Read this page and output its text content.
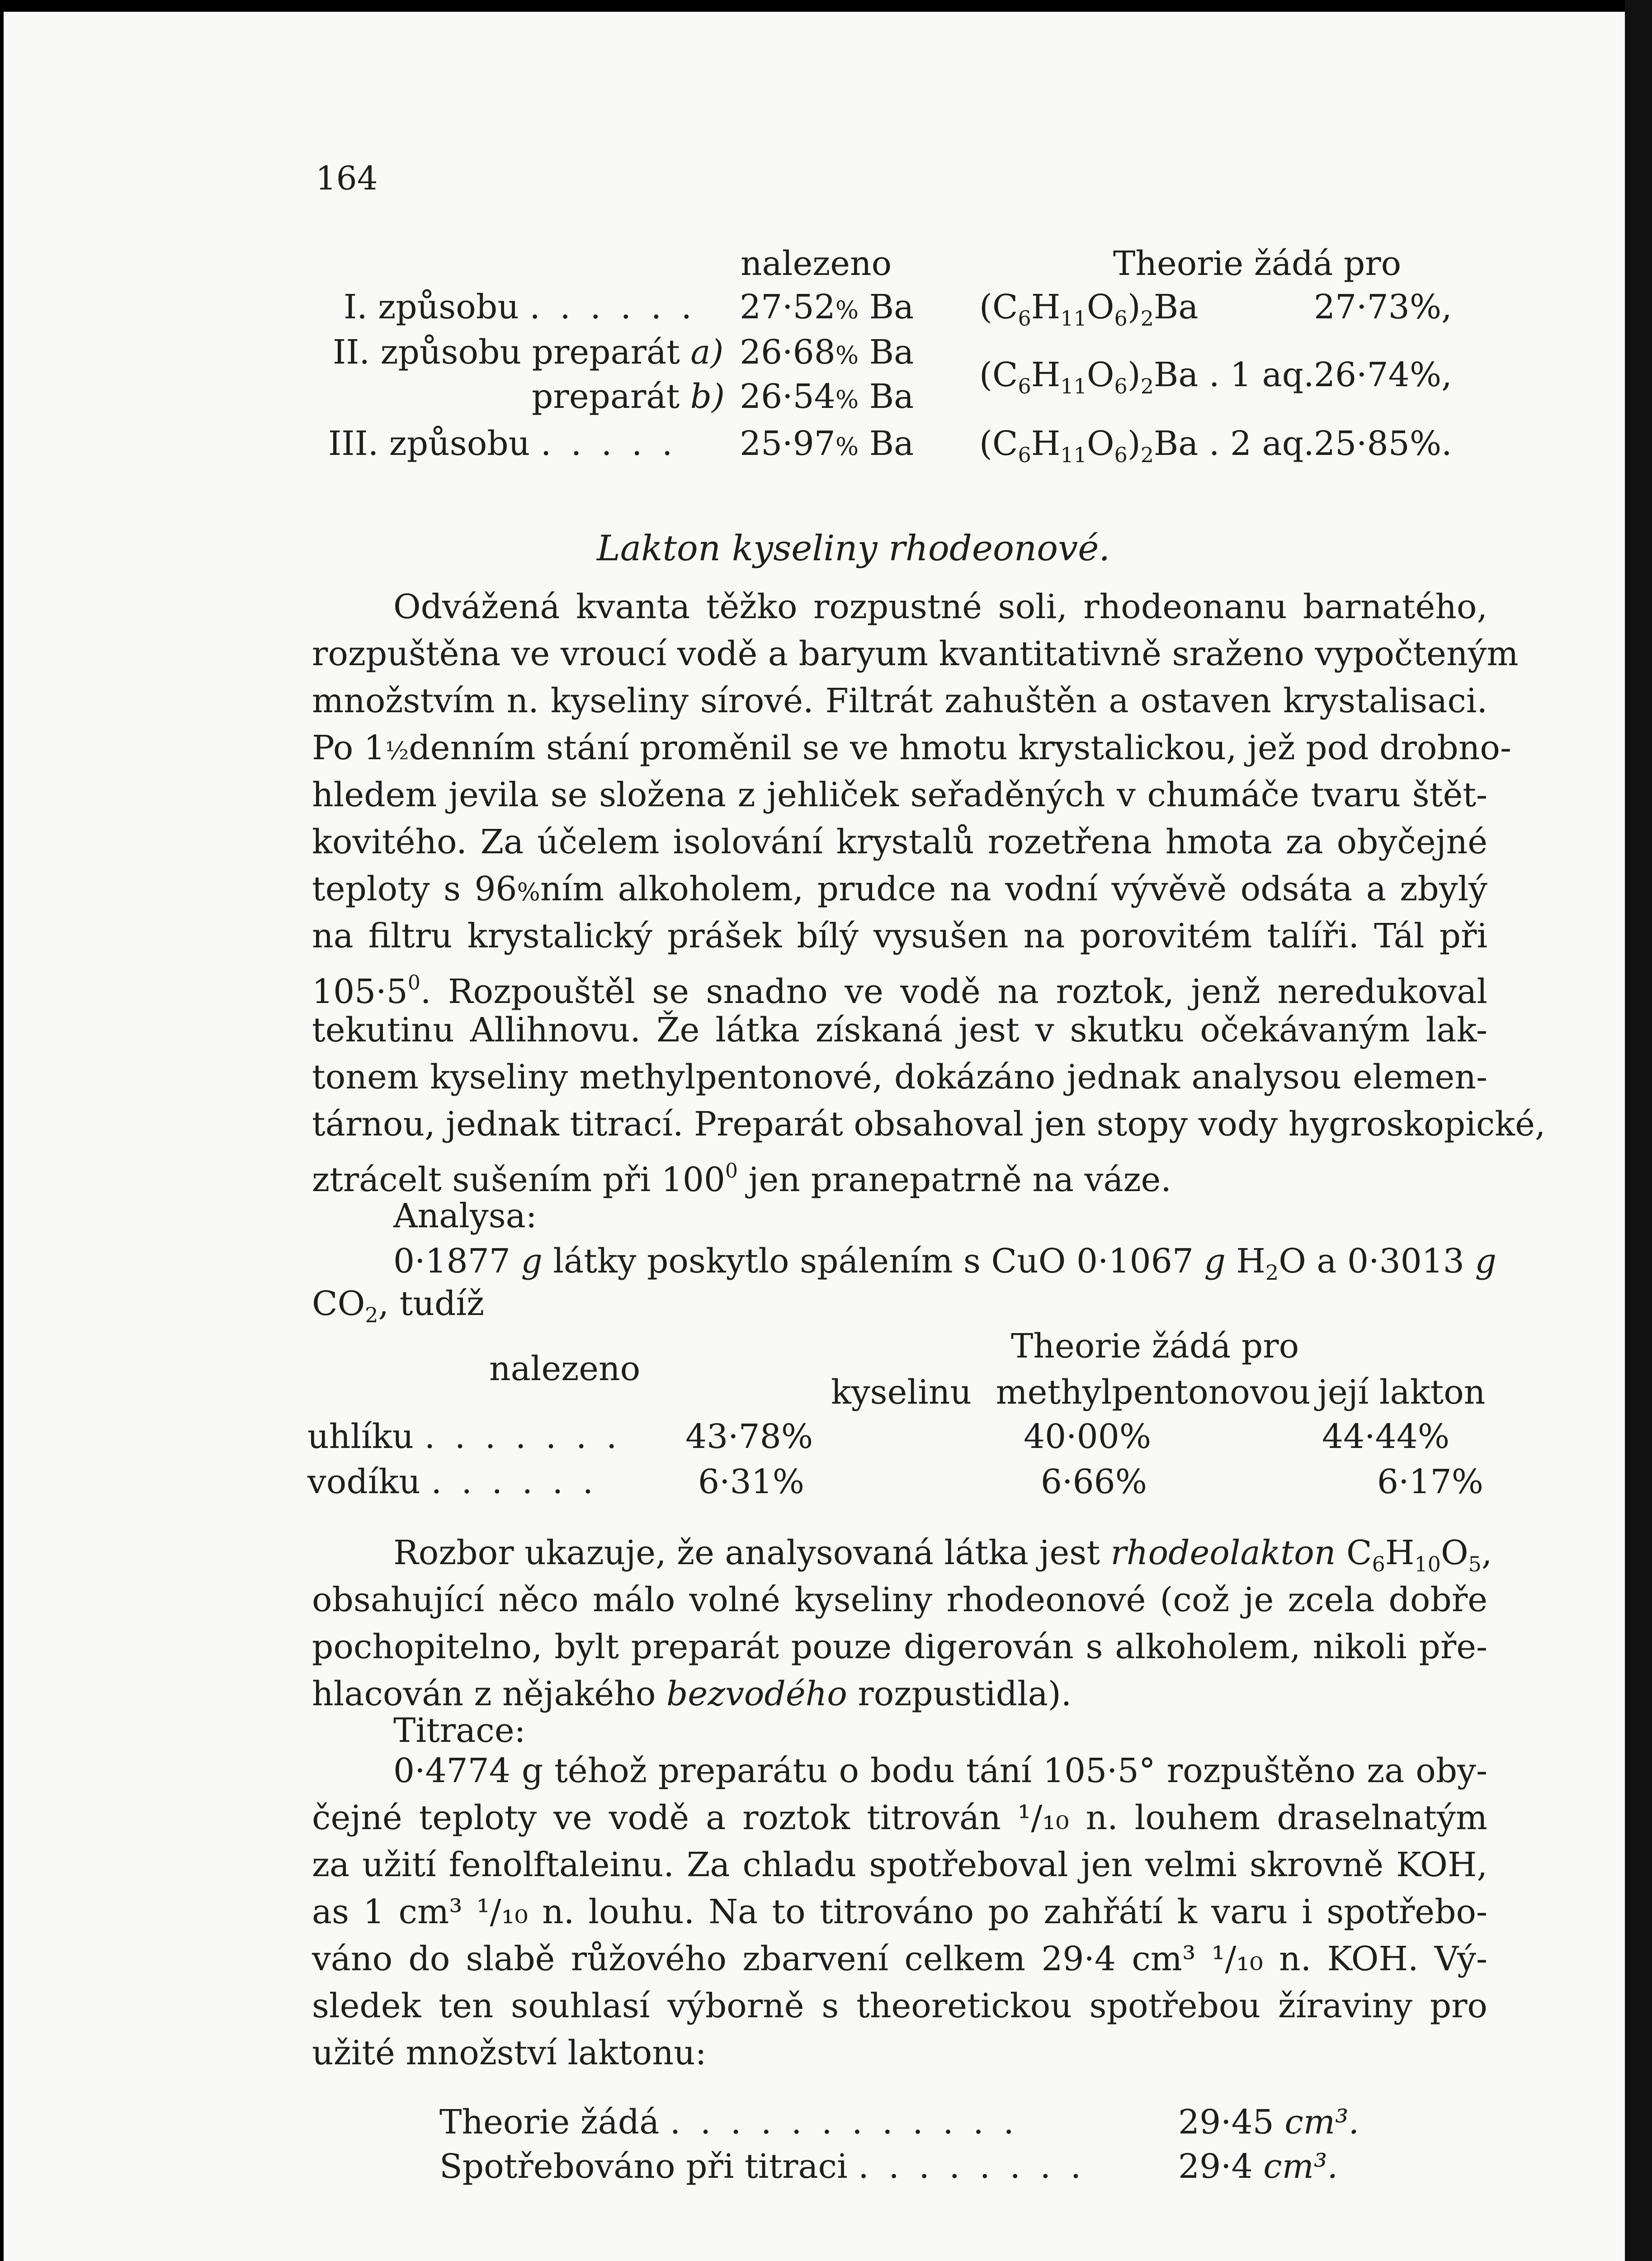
164
nalezeno	Theorie žádá pro
I. způsobu . . . . . . 27·52% Ba $(C_6H_{11}O_6)_2Ba$	27·73%,
II. způsobu preparát a) 26·68% Ba
preparát b) 26·54% Ba
$(C_6H_{11}O_6)_2Ba$ . 1 aq. 26·74%,
III. způsobu . . . . . 25·97% Ba $(C_6H_{11}O_6)_2Ba$ . 2 aq. 25·85%.
Lakton kyseliny rhodeonové.
Odvážená kvanta těžko rozpustné soli, rhodeonanu barnatého,
rozpuštěna ve vroucí vodě a baryum kvantitativně sraženo vypočteným
množstvím n. kyseliny sírové. Filtrát zahuštěn a ostaven krystalisaci.
Po 1½denním stání proměnil se ve hmotu krystalickou, jež pod drobno-
hledem jevila se složena z jehliček seřaděných v chumáče tvaru štět-
kovitého. Za účelem isolování krystalů rozetřena hmota za obyčejné
teploty s 96%ním alkoholem, prudce na vodní vývěvě odsáta a zbylý
na filtru krystalický prášek bílý vysušen na porovitém talíři. Tál při
$105\cdot 5^0$. Rozpouštěl se snadno ve vodě na roztok, jenž neredukoval
tekutinu Allihnovu. Že látka získaná jest v skutku očekávaným lak-
tonem kyseliny methylpentonové, dokázáno jednak analysou elemen-
tárnou, jednak titrací. Preparát obsahoval jen stopy vody hygroskopické,
ztrácelt sušením při $100^0$ jen pranepatrně na váze.
Analysa:
0·1877 g látky poskytlo spálením s CuO 0·1067 g $H_2O$ a 0·3013 g
$CO_2$, tudíž
nalezeno
Theorie žádá pro
kyselinu methylpentonovou její lakton
uhlíku . . . . . . . 43·78%	40·00%	44·44%
vodíku . . . . . .	6·31%	6·66%	6·17%
Rozbor ukazuje, že analysovaná látka jest rhodeolakton $C_6H_{10}O_5$,
obsahující něco málo volné kyseliny rhodeonové (což je zcela dobře
pochopitelno, bylt preparát pouze digerován s alkoholem, nikoli pře-
hlacován z nějakého bezvodého rozpustidla).
Titrace:
0·4774 g téhož preparátu o bodu tání 105·5° rozpuštěno za oby-
čejné teploty ve vodě a roztok titrován ¹/₁₀ n. louhem draselnatým
za užití fenolftaleinu. Za chladu spotřeboval jen velmi skrovně KOH,
as 1 cm³ ¹/₁₀ n. louhu. Na to titrováno po zahřátí k varu i spotřebo-
váno do slabě růžového zbarvení celkem 29·4 cm³ ¹/₁₀ n. KOH. Vý-
sledek ten souhlasí výborně s theoretickou spotřebou žíraviny pro
užité množství laktonu:
Theorie žádá . . . . . . . . . . . .	29·45 cm³.
Spotřebováno při titraci . . . . . . . .	29·4 cm³.
